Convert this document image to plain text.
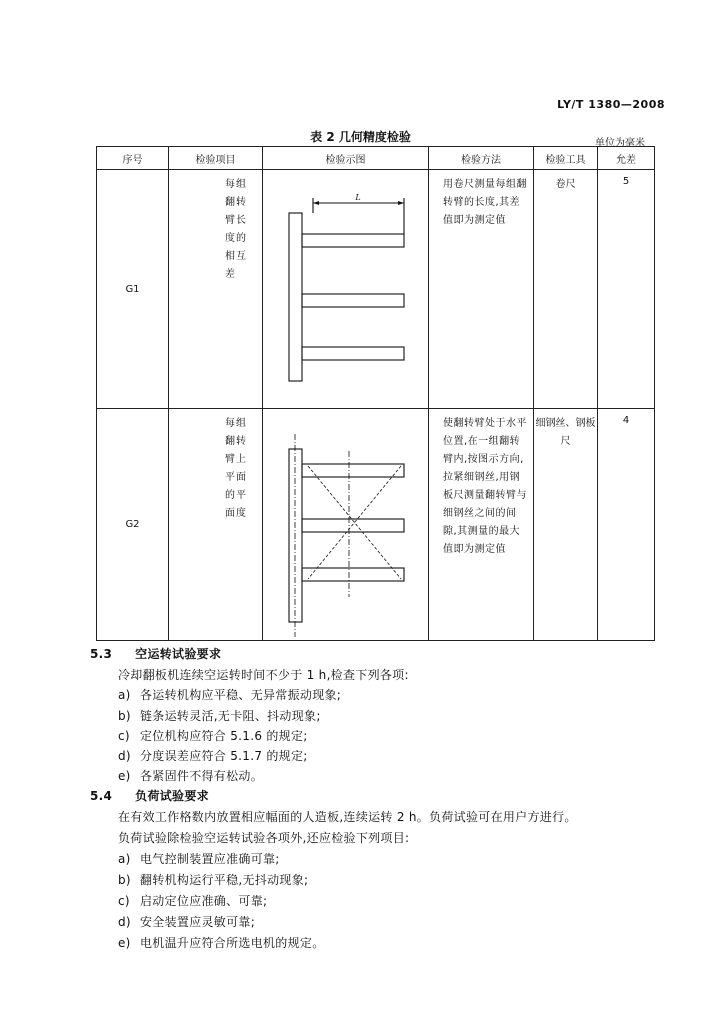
LY/T 1380—2008
表 2 几何精度检验	单位为毫米
序号	检验项目	检验示图	检验方法	检验工具	允差
G1	每组翻转臂长度的相互差	L	用卷尺测量每组翻转臂的长度,其差值即为测定值	卷尺	5

G2	每组翻转臂上平面的平面度		使翻转臂处于水平位置,在一组翻转臂内,按图示方向,拉紧细钢丝,用钢板尺测量翻转臂与细钢丝之间的间隙,其测量的最大值即为测定值	细钢丝、钢板尺	4
5.3 空运转试验要求
冷却翻板机连续空运转时间不少于 1 h,检查下列各项:
a) 各运转机构应平稳、无异常振动现象;
b) 链条运转灵活,无卡阻、抖动现象;
c) 定位机构应符合 5.1.6 的规定;
d) 分度误差应符合 5.1.7 的规定;
e) 各紧固件不得有松动。
5.4 负荷试验要求
在有效工作格数内放置相应幅面的人造板,连续运转 2 h。负荷试验可在用户方进行。
负荷试验除检验空运转试验各项外,还应检验下列项目:
a) 电气控制装置应准确可靠;
b) 翻转机构运行平稳,无抖动现象;
c) 启动定位应准确、可靠;
d) 安全装置应灵敏可靠;
e) 电机温升应符合所选电机的规定。
